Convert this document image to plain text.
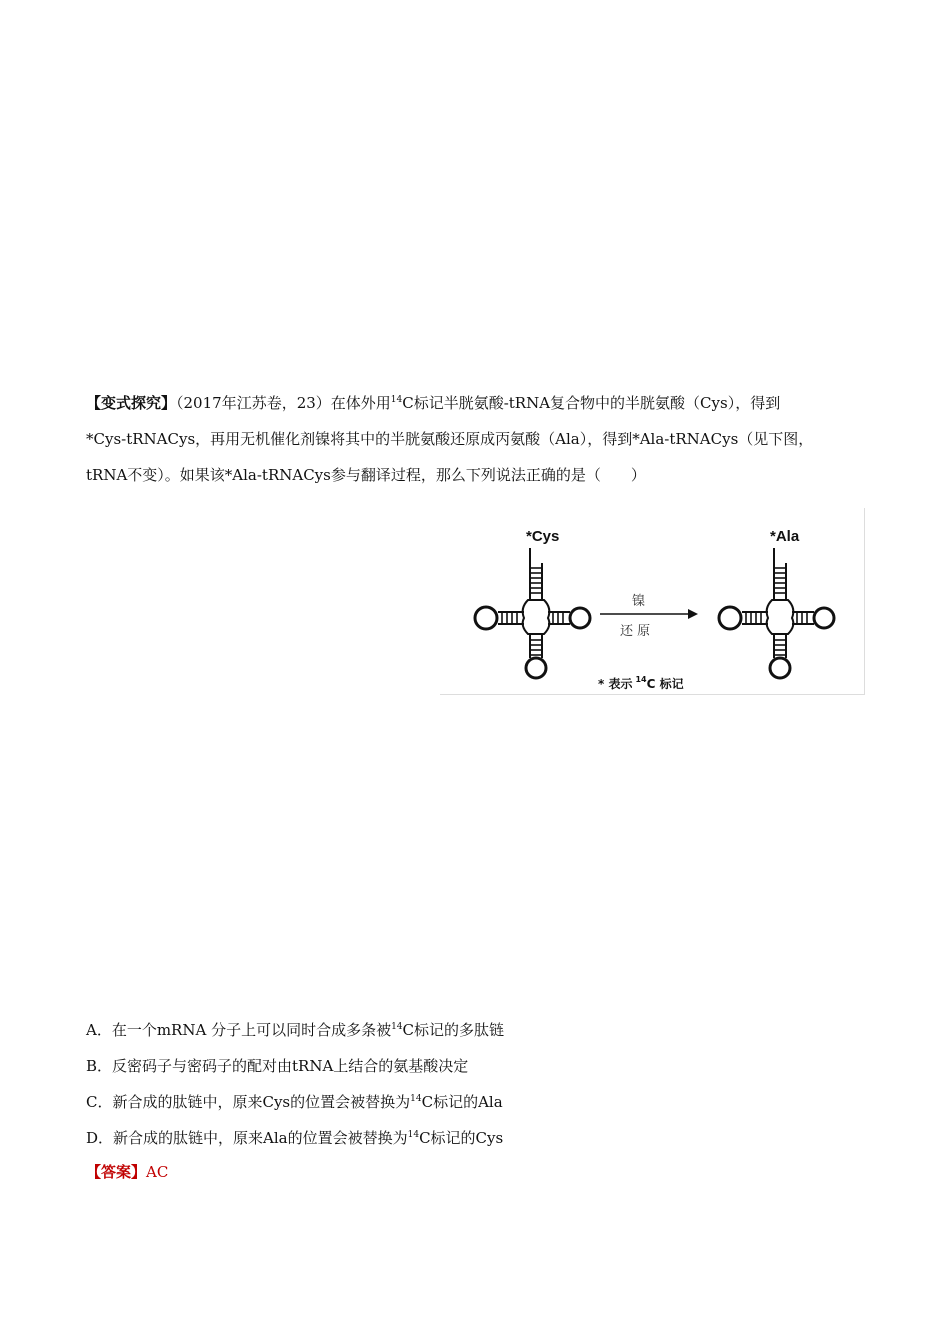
【变式探究】（2017年江苏卷，23）在体外用$^{14}$C标记半胱氨酸-tRNA复合物中的半胱氨酸（Cys），得到
*Cys-tRNACys，再用无机催化剂镍将其中的半胱氨酸还原成丙氨酸（Ala），得到*Ala-tRNACys（见下图，
tRNA不变）。如果该*Ala-tRNACys参与翻译过程，那么下列说法正确的是（　　）
*Cys
镍
还 原
*Ala
* 表示 $^{14}$C 标记
A．在一个mRNA 分子上可以同时合成多条被$^{14}$C标记的多肽链
B．反密码子与密码子的配对由tRNA上结合的氨基酸决定
C．新合成的肽链中，原来Cys的位置会被替换为$^{14}$C标记的Ala
D．新合成的肽链中，原来Ala的位置会被替换为$^{14}$C标记的Cys
【答案】AC
